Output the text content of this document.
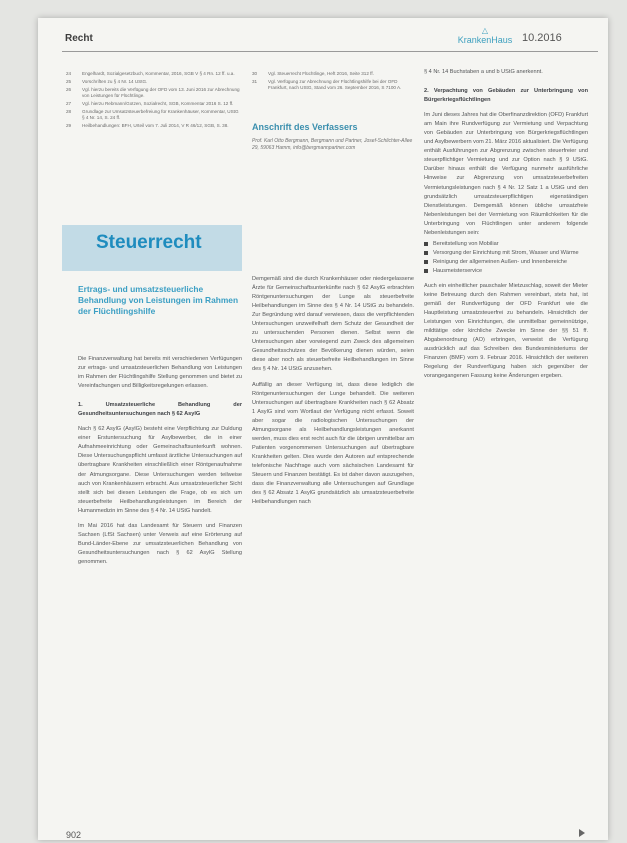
Recht
△
KrankenHaus 10.2016
24	Engelhardt, Sozialgesetzbuch, Kommentar, 2016, SGB V § 4 Rn. 12 ff. u.a.
25	Vorschriften zu § 4 Nr. 14 UStG.
26	Vgl. hierzu bereits die Verfügung der OFD vom 13. Juni 2016 zur Abrechnung von Leistungen für Flüchtlinge.
27	Vgl. hierzu Rebmann/Gotzen, Sozialrecht, SGB, Kommentar 2016 S. 12 ff.
28	Grundlage zur Umsatzsteuerbefreiung für Krankenhäuser, Kommentar, UStG § 4 Nr. 14, S. 24 ff.
29	Heilbehandlungen: BFH, Urteil vom 7. Juli 2014, V R 46/12, SGB, S. 38.
30	Vgl. Steuerrecht Flüchtlinge, Heft 2016, Seite 312 ff.
31	Vgl. Verfügung zur Abrechnung der Flüchtlingshilfe bei der OFD Frankfurt, nach UStG, Stand vom 26. September 2016, S 7100 A.
Anschrift des Verfassers
Prof. Karl Otto Bergmann, Bergmann und Partner, Josef-Schlichter-Allee 29, 59063 Hamm, info@bergmannpartner.com
Steuerrecht
Ertrags- und umsatzsteuerliche Behandlung von Leistungen im Rahmen der Flüchtlingshilfe

Die Finanzverwaltung hat bereits mit verschiedenen Verfügungen zur ertrags- und umsatzsteuerlichen Behandlung von Leistungen im Rahmen der Flüchtlingshilfe Stellung genommen und bietet zu Vereinfachungen und Billigkeitsregelungen erlassen.

1. Umsatzsteuerliche Behandlung der Gesundheitsuntersuchungen nach § 62 AsylG

Nach § 62 AsylG (AsylG) besteht eine Verpflichtung zur Duldung einer Erstuntersuchung für Asylbewerber, die in einer Aufnahmeeinrichtung oder Gemeinschaftsunterkunft wohnen. Diese Untersuchungspflicht umfasst ärztliche Untersuchungen auf übertragbare Krankheiten einschließlich einer Röntgenaufnahme der Atmungsorgane. Diese Untersuchungen werden teilweise auch von Krankenhäusern erbracht. Aus umsatzsteuerlicher Sicht stellt sich bei diesen Leistungen die Frage, ob es sich um steuerbefreite Heilbehandlungsleistungen im Bereich der Humanmedizin im Sinne des § 4 Nr. 14 UStG handelt.

Im Mai 2016 hat das Landesamt für Steuern und Finanzen Sachsen (LfSt Sachsen) unter Verweis auf eine Erörterung auf Bund-Länder-Ebene zur umsatzsteuerlichen Behandlung von Gesundheitsuntersuchungen nach § 62 AsylG Stellung genommen.

Demgemäß sind die durch Krankenhäuser oder niedergelassene Ärzte für Gemeinschaftsunterkünfte nach § 62 AsylG erbrachten Röntgenuntersuchungen der Lunge als steuerbefreite Heilbehandlungen im Sinne des § 4 Nr. 14 UStG zu behandeln. Zur Begründung wird darauf verwiesen, dass die verpflichtenden Untersuchungen unzweifelhaft dem Schutz der Gesundheit der zu untersuchenden Personen dienen. Selbst wenn die Untersuchungen aber vorwiegend zum Zweck des allgemeinen Gesundheitsschutzes der Bevölkerung dienen würden, seien diese aber noch als steuerbefreite Heilbehandlungen im Sinne des § 4 Nr. 14 UStG anzusehen.

Auffällig an dieser Verfügung ist, dass diese lediglich die Röntgenuntersuchungen der Lunge behandelt. Die weiteren Untersuchungen auf übertragbare Krankheiten nach § 62 Absatz 1 AsylG sind vom Wortlaut der Verfügung nicht erfasst. Soweit aber sogar die radiologischen Untersuchungen der Atmungsorgane als Heilbehandlungsleistungen anerkannt werden, muss dies erst recht auch für die übrigen unmittelbar am Patienten vorgenommenen Untersuchungen auf übertragbare Krankheiten gelten. Dies wurde den Autoren auf entsprechende telefonische Nachfrage auch vom sächsischen Landesamt für Steuern und Finanzen bestätigt. Es ist daher davon auszugehen, dass die Finanzverwaltung alle Untersuchungen auf Grundlage des § 62 Absatz 1 AsylG grundsätzlich als umsatzsteuerbefreite Heilbehandlungen nach

§ 4 Nr. 14 Buchstaben a und b UStG anerkennt.

2. Verpachtung von Gebäuden zur Unterbringung von Bürgerkriegsflüchtlingen

Im Juni dieses Jahres hat die Oberfinanzdirektion (OFD) Frankfurt am Main ihre Rundverfügung zur Vermietung und Verpachtung von Gebäuden zur Unterbringung von Bürgerkriegsflüchtlingen und Asylbewerbern vom 21. März 2016 aktualisiert. Die Verfügung enthält Ausführungen zur Abgrenzung zwischen steuerfreier und steuerpflichtiger Vermietung und zur Option nach § 9 UStG. Darüber hinaus enthält die Verfügung nunmehr ausführliche Hinweise zur Abgrenzung von umsatzsteuerbefreiten Vermietungsleistungen nach § 4 Nr. 12 Satz 1 a UStG und den grundsätzlich umsatzsteuerpflichtigen eigenständigen Dienstleistungen. Demgemäß können übliche umsatzfreie Nebenleistungen bei der Vermietung von Räumlichkeiten für die Unterbringung von Flüchtlingen unter anderem folgende Nebenleistungen sein:

Bereitstellung von Mobiliar
Versorgung der Einrichtung mit Strom, Wasser und Wärme
Reinigung der allgemeinen Außen- und Innenbereiche
Hausmeisterservice

Auch ein einheitlicher pauschaler Mietzuschlag, soweit der Mieter keine Betreuung durch den Rahmen vereinbart, stets hat, ist gemäß der Rundverfügung der OFD Frankfurt wie die Hauptleistung umsatzsteuerfrei zu behandeln. Hinsichtlich der Leistungen von Einrichtungen, die unmittelbar gemeinnützige, mildtätige oder kirchliche Zwecke im Sinne der §§ 51 ff. Abgabenordnung (AO) erbringen, verweist die Verfügung ausdrücklich auf das Schreiben des Bundesministeriums der Finanzen (BMF) vom 9. Februar 2016. Hinsichtlich der weiteren Regelung der Rundverfügung haben sich gegenüber der vorangegangenen Fassung keine Änderungen ergeben.

902
